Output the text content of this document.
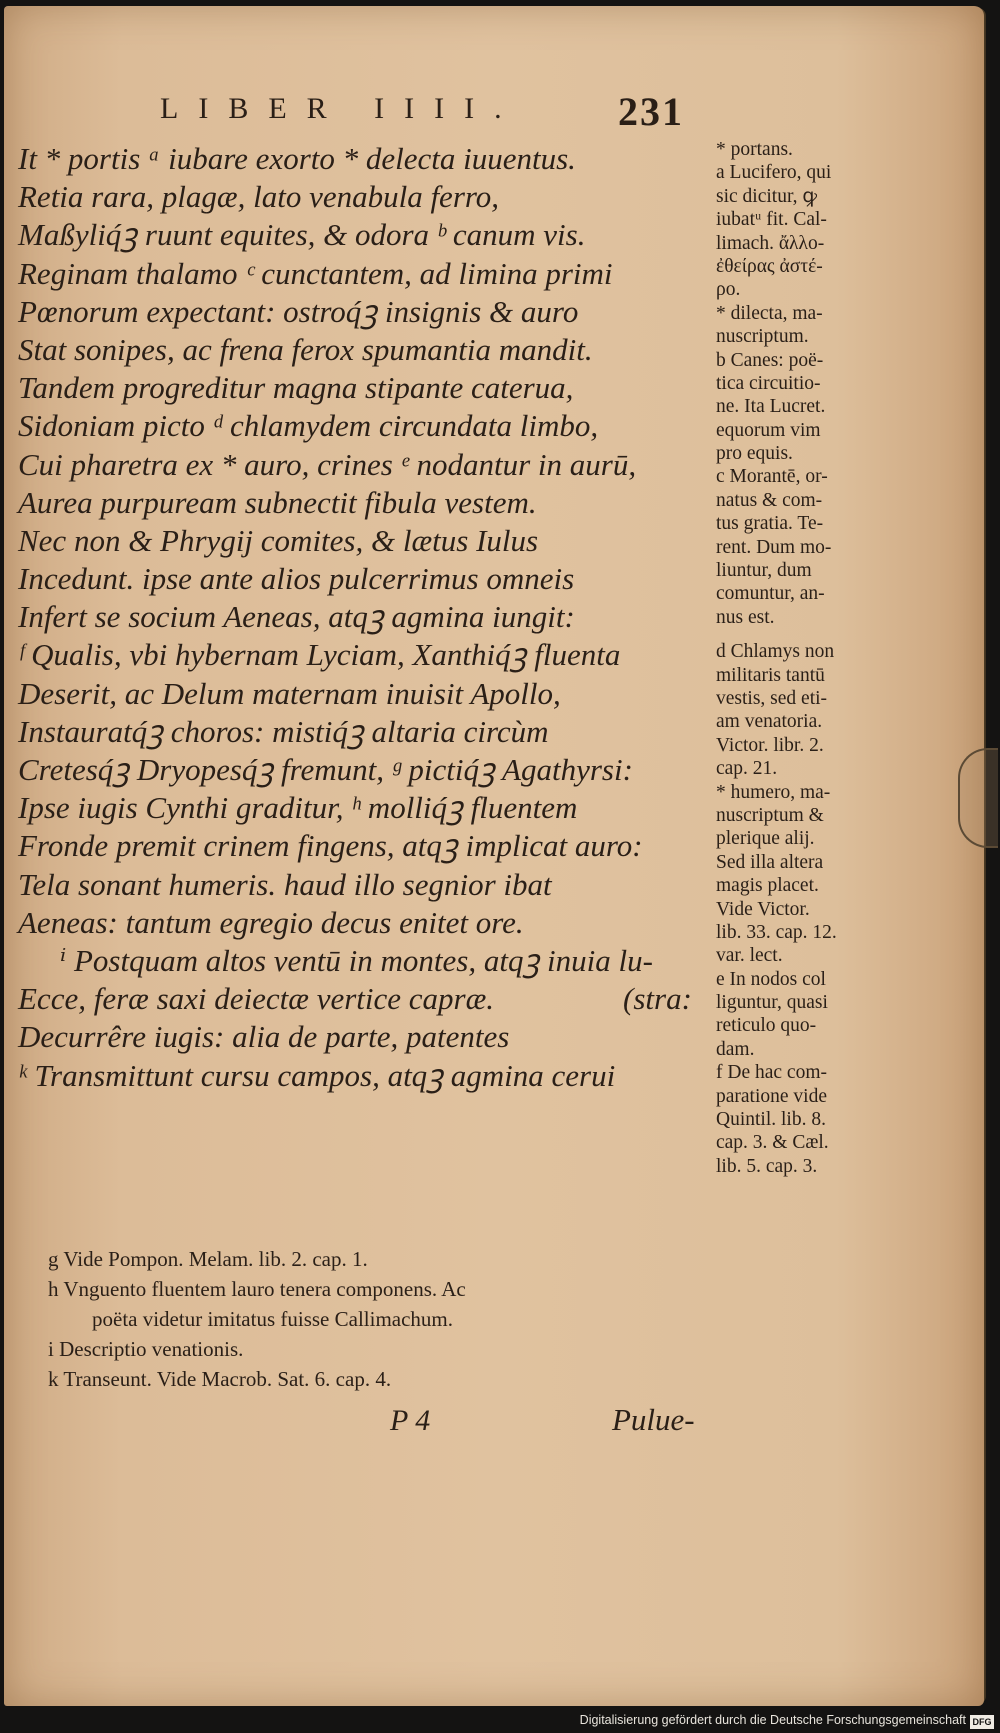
LIBER IIII. 231
It * portis ᵃ iubare exorto * delecta iuuentus.
Retia rara, plagæ, lato venabula ferro,
Maßyliq́ꝫ ruunt equites, & odora ᵇ canum vis.
Reginam thalamo ᶜ cunctantem, ad limina primi
Pœnorum expectant: ostroq́ꝫ insignis & auro
Stat sonipes, ac frena ferox spumantia mandit.
Tandem progreditur magna stipante caterua,
Sidoniam picto ᵈ chlamydem circundata limbo,
Cui pharetra ex * auro, crines ᵉ nodantur in aurū,
Aurea purpuream subnectit fibula vestem.
Nec non & Phrygij comites, & lætus Iulus
Incedunt. ipse ante alios pulcerrimus omneis
Infert se socium Aeneas, atqꝫ agmina iungit:
ᶠ Qualis, vbi hybernam Lyciam, Xanthiq́ꝫ fluenta
Deserit, ac Delum maternam inuisit Apollo,
Instauratq́ꝫ choros: mistiq́ꝫ altaria circùm
Cretesq́ꝫ Dryopesq́ꝫ fremunt, ᵍ pictiq́ꝫ Agathyrsi:
Ipse iugis Cynthi graditur, ʰ molliq́ꝫ fluentem
Fronde premit crinem fingens, atqꝫ implicat auro:
Tela sonant humeris. haud illo segnior ibat
Aeneas: tantum egregio decus enitet ore.
ⁱ Postquam altos ventū in montes, atqꝫ inuia lu-
Ecce, feræ saxi deiectæ vertice capræ.	(stra:
Decurrêre iugis: alia de parte, patentes
ᵏ Transmittunt cursu campos, atqꝫ agmina cerui
* portans.
a Lucifero, qui
sic dicitur, ꝙ
iubatᵘ fit. Cal-
limach. ἄλλο-
ἐθείρας ἀστέ-
ρο.
* dilecta, ma-
nuscriptum.
b Canes: poë-
tica circuitio-
ne. Ita Lucret.
equorum vim
pro equis.
c Morantē, or-
natus & com-
tus gratia. Te-
rent. Dum mo-
liuntur, dum
comuntur, an-
nus est.
d Chlamys non
militaris tantū
vestis, sed eti-
am venatoria.
Victor. libr. 2.
cap. 21.
* humero, ma-
nuscriptum &
plerique alij.
Sed illa altera
magis placet.
Vide Victor.
lib. 33. cap. 12.
var. lect.
e In nodos col
liguntur, quasi
reticulo quo-
dam.
f De hac com-
paratione vide
Quintil. lib. 8.
cap. 3. & Cæl.
lib. 5. cap. 3.
g Vide Pompon. Melam. lib. 2. cap. 1.
h Vnguento fluentem lauro tenera componens. Ac
poëta videtur imitatus fuisse Callimachum.
i Descriptio venationis.
k Transeunt. Vide Macrob. Sat. 6. cap. 4.
P 4	Pulue-
Digitalisierung gefördert durch die Deutsche Forschungsgemeinschaft DFG
